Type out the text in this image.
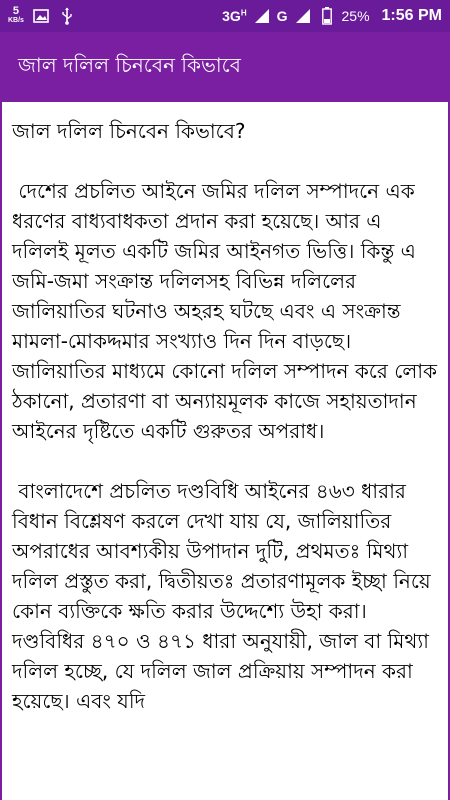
5
KB/s	$3G^H$ G	25% 1:56 PM
জাল দলিল চিনবেন কিভাবে
জাল দলিল চিনবেন কিভাবে?

দেশের প্রচলিত আইনে জমির দলিল সম্পাদনে এক ধরণের বাধ্যবাধকতা প্রদান করা হয়েছে। আর এ দলিলই মূলত একটি জমির আইনগত ভিত্তি। কিন্তু এ জমি-জমা সংক্রান্ত দলিলসহ বিভিন্ন দলিলের জালিয়াতির ঘটনাও অহরহ ঘটছে এবং এ সংক্রান্ত মামলা-মোকদ্দমার সংখ্যাও দিন দিন বাড়ছে। জালিয়াতির মাধ্যমে কোনো দলিল সম্পাদন করে লোক ঠকানো, প্রতারণা বা অন্যায়মূলক কাজে সহায়তাদান আইনের দৃষ্টিতে একটি গুরুতর অপরাধ।

বাংলাদেশে প্রচলিত দণ্ডবিধি আইনের ৪৬৩ ধারার বিধান বিশ্লেষণ করলে দেখা যায় যে, জালিয়াতির অপরাধের আবশ্যকীয় উপাদান দুটি, প্রথমতঃ মিথ্যা দলিল প্রস্তুত করা, দ্বিতীয়তঃ প্রতারণামূলক ইচ্ছা নিয়ে কোন ব্যক্তিকে ক্ষতি করার উদ্দেশ্যে উহা করা। দণ্ডবিধির ৪৭০ ও ৪৭১ ধারা অনুযায়ী, জাল বা মিথ্যা দলিল হচ্ছে, যে দলিল জাল প্রক্রিয়ায় সম্পাদন করা হয়েছে। এবং যদি
